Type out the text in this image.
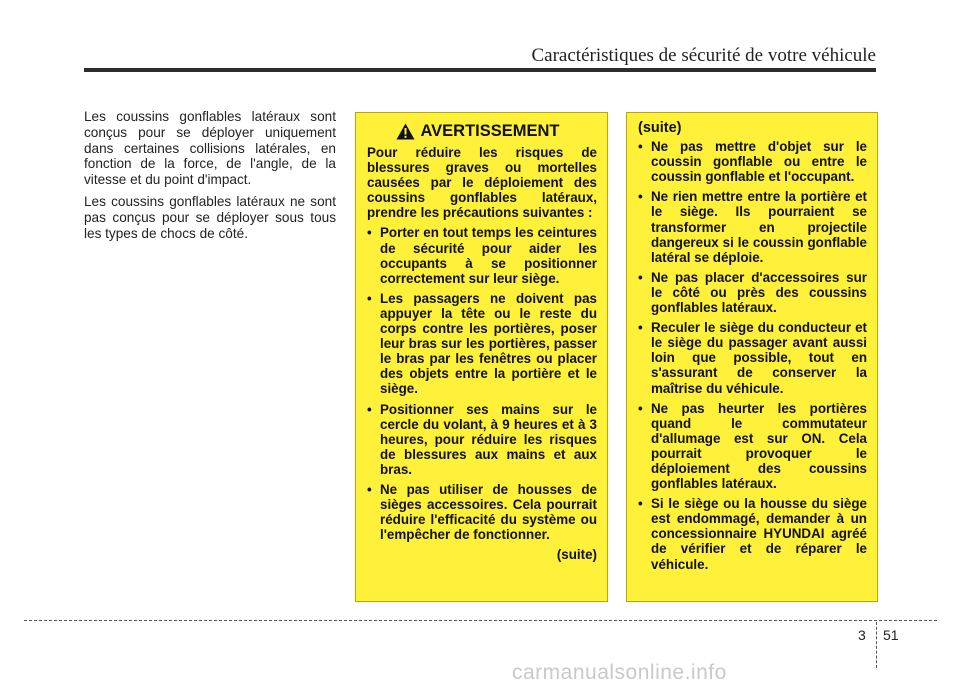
Caractéristiques de sécurité de votre véhicule

Les coussins gonflables latéraux sont conçus pour se déployer uniquement dans certaines collisions latérales, en fonction de la force, de l'angle, de la vitesse et du point d'impact.

Les coussins gonflables latéraux ne sont pas conçus pour se déployer sous tous les types de chocs de côté.

AVERTISSEMENT

Pour réduire les risques de blessures graves ou mortelles causées par le déploiement des coussins gonflables latéraux, prendre les précautions suivantes :

• Porter en tout temps les ceintures de sécurité pour aider les occupants à se positionner correctement sur leur siège.
• Les passagers ne doivent pas appuyer la tête ou le reste du corps contre les portières, poser leur bras sur les portières, passer le bras par les fenêtres ou placer des objets entre la portière et le siège.
• Positionner ses mains sur le cercle du volant, à 9 heures et à 3 heures, pour réduire les risques de blessures aux mains et aux bras.
• Ne pas utiliser de housses de sièges accessoires. Cela pourrait réduire l'efficacité du système ou l'empêcher de fonctionner.
(suite)
(suite)
• Ne pas mettre d'objet sur le coussin gonflable ou entre le coussin gonflable et l'occupant.
• Ne rien mettre entre la portière et le siège. Ils pourraient se transformer en projectile dangereux si le coussin gonflable latéral se déploie.
• Ne pas placer d'accessoires sur le côté ou près des coussins gonflables latéraux.
• Reculer le siège du conducteur et le siège du passager avant aussi loin que possible, tout en s'assurant de conserver la maîtrise du véhicule.
• Ne pas heurter les portières quand le commutateur d'allumage est sur ON. Cela pourrait provoquer le déploiement des coussins gonflables latéraux.
• Si le siège ou la housse du siège est endommagé, demander à un concessionnaire HYUNDAI agréé de vérifier et de réparer le véhicule.
3 51
carmanualsonline.info
